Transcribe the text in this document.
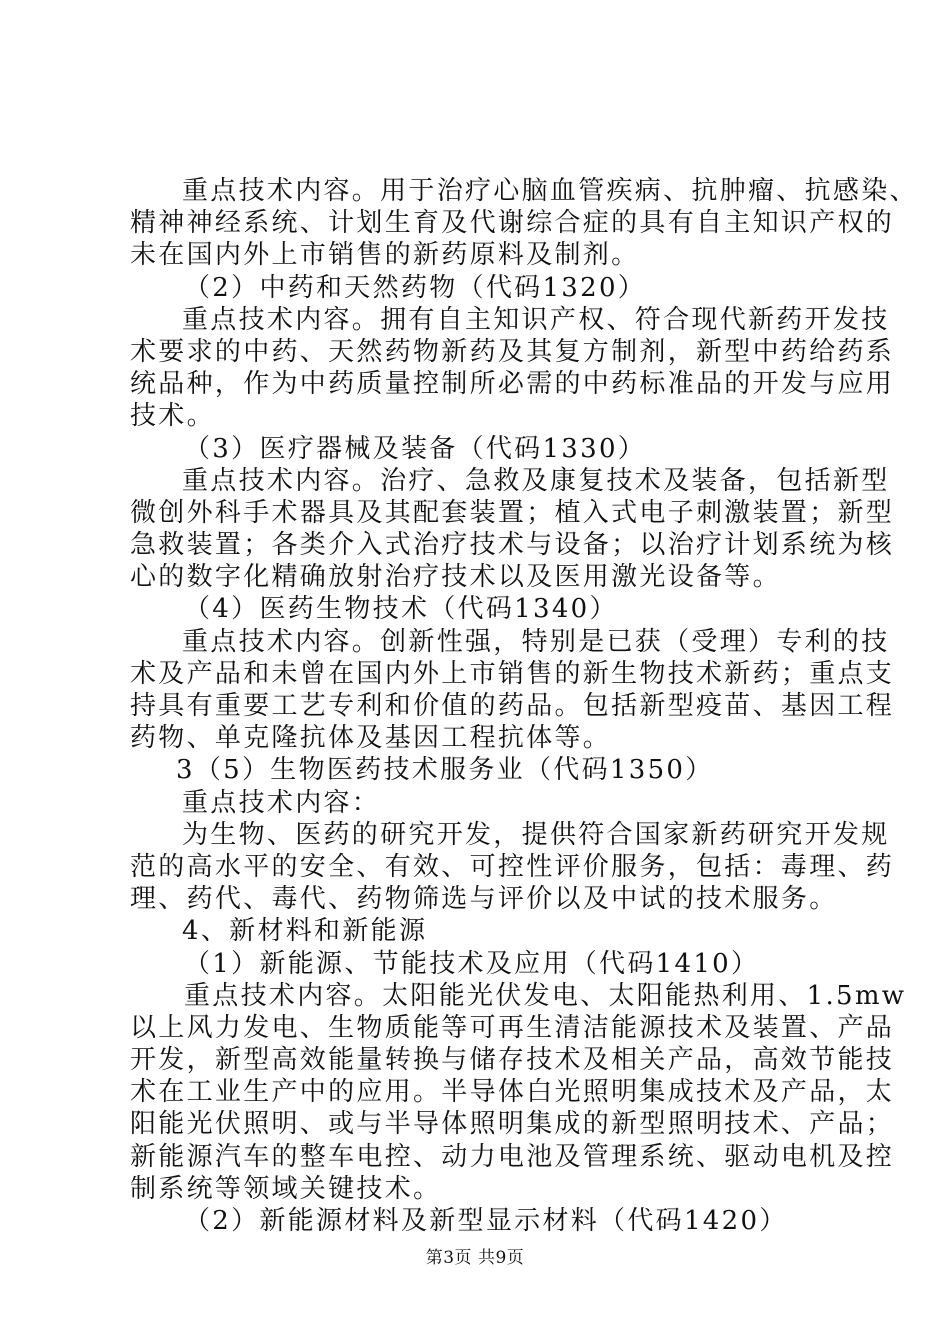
重点技术内容。用于治疗心脑血管疾病、抗肿瘤、抗感染、
精神神经系统、计划生育及代谢综合症的具有自主知识产权的
未在国内外上市销售的新药原料及制剂。
（2）中药和天然药物（代码1320）
重点技术内容。拥有自主知识产权、符合现代新药开发技
术要求的中药、天然药物新药及其复方制剂，新型中药给药系
统品种，作为中药质量控制所必需的中药标准品的开发与应用
技术。
（3）医疗器械及装备（代码1330）
重点技术内容。治疗、急救及康复技术及装备，包括新型
微创外科手术器具及其配套装置；植入式电子刺激装置；新型
急救装置；各类介入式治疗技术与设备；以治疗计划系统为核
心的数字化精确放射治疗技术以及医用激光设备等。
（4）医药生物技术（代码1340）
重点技术内容。创新性强，特别是已获（受理）专利的技
术及产品和未曾在国内外上市销售的新生物技术新药；重点支
持具有重要工艺专利和价值的药品。包括新型疫苗、基因工程
药物、单克隆抗体及基因工程抗体等。
3（5）生物医药技术服务业（代码1350）
重点技术内容：
为生物、医药的研究开发，提供符合国家新药研究开发规
范的高水平的安全、有效、可控性评价服务，包括：毒理、药
理、药代、毒代、药物筛选与评价以及中试的技术服务。
4、新材料和新能源
（1）新能源、节能技术及应用（代码1410）
重点技术内容。太阳能光伏发电、太阳能热利用、1.5mw
以上风力发电、生物质能等可再生清洁能源技术及装置、产品
开发，新型高效能量转换与储存技术及相关产品，高效节能技
术在工业生产中的应用。半导体白光照明集成技术及产品，太
阳能光伏照明、或与半导体照明集成的新型照明技术、产品；
新能源汽车的整车电控、动力电池及管理系统、驱动电机及控
制系统等领域关键技术。
（2）新能源材料及新型显示材料（代码1420）
第3页 共9页
